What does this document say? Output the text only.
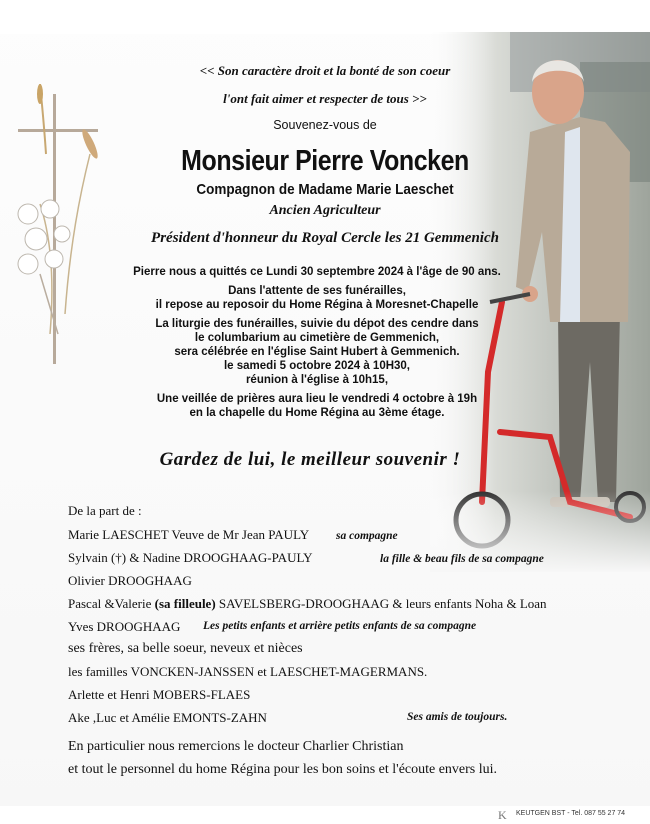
<< Son caractère droit et la bonté de son coeur
l'ont fait aimer et respecter de tous >>
Souvenez-vous de
Monsieur Pierre Voncken
Compagnon de Madame Marie Laeschet
Ancien Agriculteur
Président d'honneur du Royal Cercle les 21 Gemmenich
Pierre nous a quittés ce Lundi 30 septembre 2024 à l'âge de 90 ans.
Dans l'attente de ses funérailles,
il repose au reposoir du Home Régina à Moresnet-Chapelle
La liturgie des funérailles, suivie du dépot des cendre dans
le columbarium au cimetière de Gemmenich,
sera célébrée en l'église Saint Hubert à Gemmenich.
le samedi 5 octobre 2024 à 10H30,
réunion à l'église à 10h15,
Une veillée de prières aura lieu le vendredi 4 octobre à 19h
en la chapelle du Home Régina au 3ème étage.
Gardez de lui, le meilleur souvenir !
De la part de :
Marie LAESCHET Veuve de Mr Jean PAULY sa compagne
Sylvain (†) & Nadine DROOGHAAG-PAULY	la fille & beau fils de sa compagne
Olivier DROOGHAAG
Pascal &Valerie (sa filleule) SAVELSBERG-DROOGHAAG & leurs enfants Noha & Loan
Yves DROOGHAAG Les petits enfants et arrière petits enfants de sa compagne
ses frères, sa belle soeur, neveux et nièces
les familles VONCKEN-JANSSEN et LAESCHET-MAGERMANS.
Arlette et Henri MOBERS-FLAES
Ake ,Luc et Amélie EMONTS-ZAHN	Ses amis de toujours.
En particulier nous remercions le docteur Charlier Christian
et tout le personnel du home Régina pour les bon soins et l'écoute envers lui.
K KEUTGEN BST - Tel. 087 55 27 74
